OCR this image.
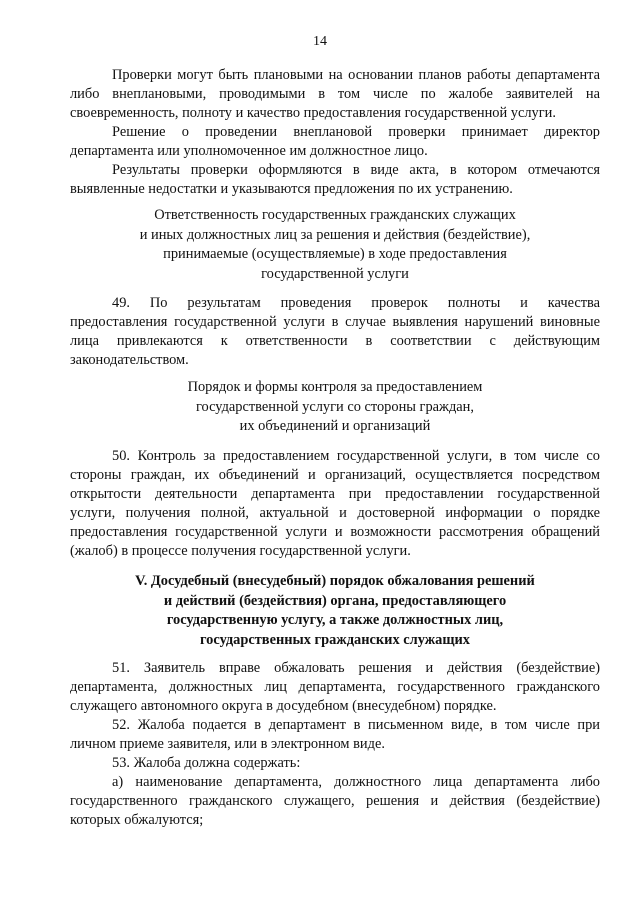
14
Проверки могут быть плановыми на основании планов работы департамента
либо внеплановыми, проводимыми в том числе по жалобе заявителей на
своевременность, полноту и качество предоставления государственной услуги.
Решение о проведении внеплановой проверки принимает директор
департамента или уполномоченное им должностное лицо.
Результаты проверки оформляются в виде акта, в котором отмечаются
выявленные недостатки и указываются предложения по их устранению.
Ответственность государственных гражданских служащих
и иных должностных лиц за решения и действия (бездействие),
принимаемые (осуществляемые) в ходе предоставления
государственной услуги
49. По результатам проведения проверок полноты и качества
предоставления государственной услуги в случае выявления нарушений виновные
лица привлекаются к ответственности в соответствии с действующим
законодательством.
Порядок и формы контроля за предоставлением
государственной услуги со стороны граждан,
их объединений и организаций
50. Контроль за предоставлением государственной услуги, в том числе со
стороны граждан, их объединений и организаций, осуществляется посредством
открытости деятельности департамента при предоставлении государственной
услуги, получения полной, актуальной и достоверной информации о порядке
предоставления государственной услуги и возможности рассмотрения обращений
(жалоб) в процессе получения государственной услуги.
V. Досудебный (внесудебный) порядок обжалования решений
и действий (бездействия) органа, предоставляющего
государственную услугу, а также должностных лиц,
государственных гражданских служащих
51. Заявитель вправе обжаловать решения и действия (бездействие)
департамента, должностных лиц департамента, государственного гражданского
служащего автономного округа в досудебном (внесудебном) порядке.
52. Жалоба подается в департамент в письменном виде, в том числе при
личном приеме заявителя, или в электронном виде.
53. Жалоба должна содержать:
а) наименование департамента, должностного лица департамента либо
государственного гражданского служащего, решения и действия (бездействие)
которых обжалуются;
